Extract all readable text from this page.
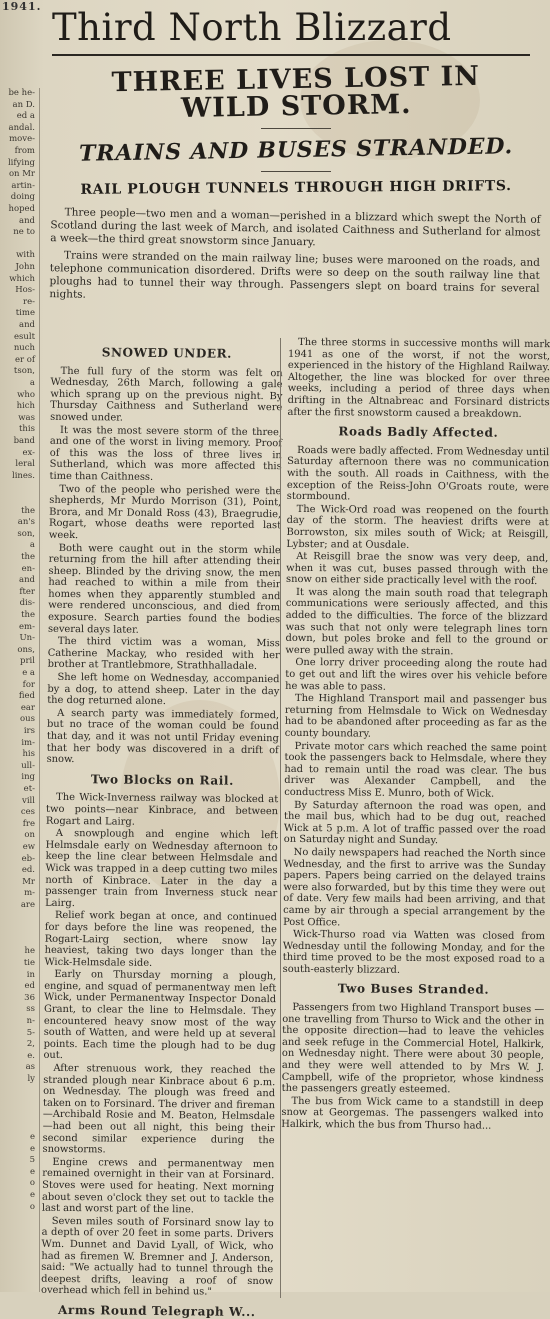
1941.
be he-
an D.
ed a
andal.
move-
from
lifying
on Mr
artin-
doing
hoped
and
ne to
with
John
which
Hos-
re-
time
and
esult
nuch
er of
tson,
a
who
hich
was
this
band
ex-
leral
lines.
the
an's
son,
a
the
en-
and
fter
dis-
the
em-
Un-
ons,
pril
e a
for
fied
ear
ous
irs
im-
his
ull-
ing
et-
vill
ces
fre
on
ew
eb-
ed.
Mr
m-
are
he
tie
in
ed
36
ss
n-
5-
2,
e.
as
ly
e
e
5
e
o
e
o
Third North Blizzard
THREE LIVES LOST IN
WILD STORM.
TRAINS AND BUSES STRANDED.
RAIL PLOUGH TUNNELS THROUGH HIGH DRIFTS.

Three people—two men and a woman—perished in a blizzard which swept the North of Scotland during the last week of March, and isolated Caithness and Sutherland for almost a week—the third great snowstorm since January.

Trains were stranded on the main railway line; buses were marooned on the roads, and telephone communication disordered. Drifts were so deep on the south railway line that ploughs had to tunnel their way through. Passengers slept on board trains for several nights.

SNOWED UNDER.

The full fury of the storm was felt on Wednesday, 26th March, following a gale which sprang up on the previous night. By Thursday Caithness and Sutherland were snowed under.

It was the most severe storm of the three, and one of the worst in living memory. Proof of this was the loss of three lives in Sutherland, which was more affected this time than Caithness.

Two of the people who perished were the shepherds, Mr Murdo Morrison (31), Point, Brora, and Mr Donald Ross (43), Braegrudie, Rogart, whose deaths were reported last week.

Both were caught out in the storm while returning from the hill after attending their sheep. Blinded by the driving snow, the men had reached to within a mile from their homes when they apparently stumbled and were rendered unconscious, and died from exposure. Search parties found the bodies several days later.

The third victim was a woman, Miss Catherine Mackay, who resided with her brother at Trantlebmore, Strathhalladale.

She left home on Wednesday, accompanied by a dog, to attend sheep. Later in the day the dog returned alone.

A search party was immediately formed, but no trace of the woman could be found that day, and it was not until Friday evening that her body was discovered in a drift of snow.

Two Blocks on Rail.

The Wick-Inverness railway was blocked at two points—near Kinbrace, and between Rogart and Lairg.

A snowplough and engine which left Helmsdale early on Wednesday afternoon to keep the line clear between Helmsdale and Wick was trapped in a deep cutting two miles north of Kinbrace. Later in the day a passenger train from Inverness stuck near Lairg.

Relief work began at once, and continued for days before the line was reopened, the Rogart-Lairg section, where snow lay heaviest, taking two days longer than the Wick-Helmsdale side.

Early on Thursday morning a plough, engine, and squad of permanentway men left Wick, under Permanentway Inspector Donald Grant, to clear the line to Helmsdale. They encountered heavy snow most of the way south of Watten, and were held up at several points. Each time the plough had to be dug out.

After strenuous work, they reached the stranded plough near Kinbrace about 6 p.m. on Wednesday. The plough was freed and taken on to Forsinard. The driver and fireman—Archibald Rosie and M. Beaton, Helmsdale—had been out all night, this being their second similar experience during the snowstorms.

Engine crews and permanentway men remained overnight in their van at Forsinard. Stoves were used for heating. Next morning about seven o'clock they set out to tackle the last and worst part of the line.

Seven miles south of Forsinard snow lay to a depth of over 20 feet in some parts. Drivers Wm. Dunnet and David Lyall, of Wick, who had as firemen W. Bremner and J. Anderson, said: "We actually had to tunnel through the deepest drifts, leaving a roof of snow overhead which fell in behind us."

Arms Round Telegraph W...

The three storms in successive months will mark 1941 as one of the worst, if not the worst, experienced in the history of the Highland Railway. Altogether, the line was blocked for over three weeks, including a period of three days when drifting in the Altnabreac and Forsinard districts after the first snowstorm caused a breakdown.

Roads Badly Affected.

Roads were badly affected. From Wednesday until Saturday afternoon there was no communication with the south. All roads in Caithness, with the exception of the Reiss-John O'Groats route, were stormbound.

The Wick-Ord road was reopened on the fourth day of the storm. The heaviest drifts were at Borrowston, six miles south of Wick; at Reisgill, Lybster; and at Ousdale.

At Reisgill brae the snow was very deep, and, when it was cut, buses passed through with the snow on either side practically level with the roof.

It was along the main south road that telegraph communications were seriously affected, and this added to the difficulties. The force of the blizzard was such that not only were telegraph lines torn down, but poles broke and fell to the ground or were pulled away with the strain.

One lorry driver proceeding along the route had to get out and lift the wires over his vehicle before he was able to pass.

The Highland Transport mail and passenger bus returning from Helmsdale to Wick on Wednesday had to be abandoned after proceeding as far as the county boundary.

Private motor cars which reached the same point took the passengers back to Helmsdale, where they had to remain until the road was clear. The bus driver was Alexander Campbell, and the conductress Miss E. Munro, both of Wick.

By Saturday afternoon the road was open, and the mail bus, which had to be dug out, reached Wick at 5 p.m. A lot of traffic passed over the road on Saturday night and Sunday.

No daily newspapers had reached the North since Wednesday, and the first to arrive was the Sunday papers. Papers being carried on the delayed trains were also forwarded, but by this time they were out of date. Very few mails had been arriving, and that came by air through a special arrangement by the Post Office.

Wick-Thurso road via Watten was closed from Wednesday until the following Monday, and for the third time proved to be the most exposed road to a south-easterly blizzard.

Two Buses Stranded.

Passengers from two Highland Transport buses — one travelling from Thurso to Wick and the other in the opposite direction—had to leave the vehicles and seek refuge in the Commercial Hotel, Halkirk, on Wednesday night. There were about 30 people, and they were well attended to by Mrs W. J. Campbell, wife of the proprietor, whose kindness the passengers greatly esteemed.

The bus from Wick came to a standstill in deep snow at Georgemas. The passengers walked into Halkirk, which the bus from Thurso had...
